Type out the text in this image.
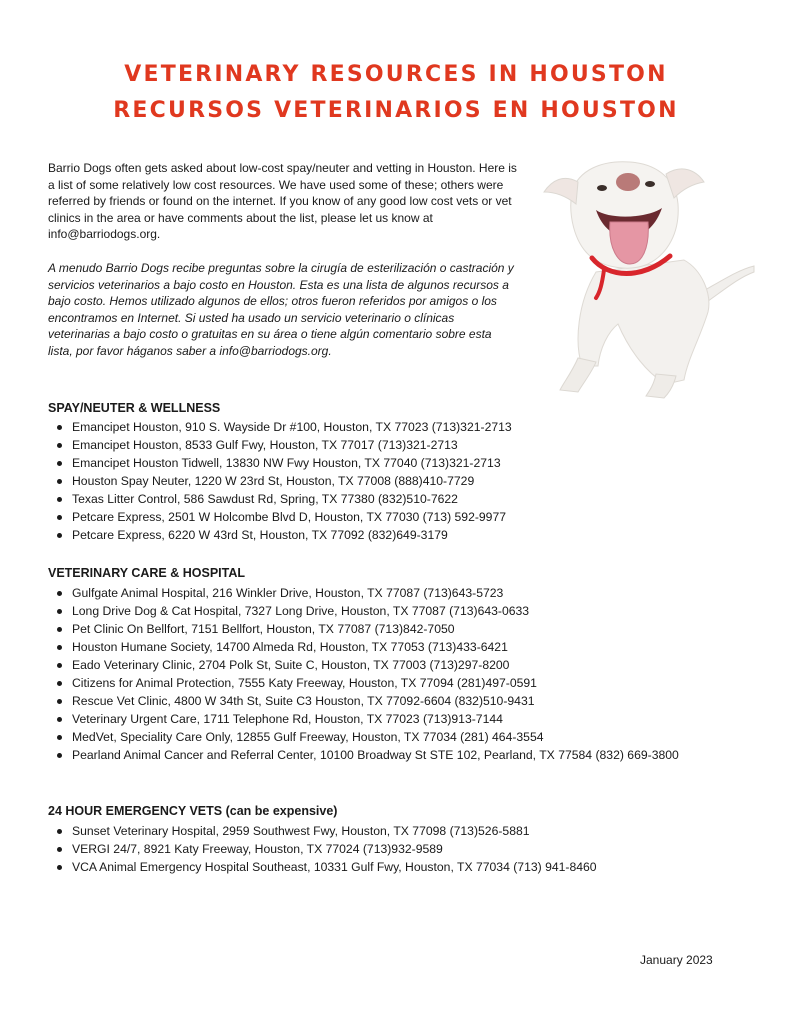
VETERINARY RESOURCES IN HOUSTON
RECURSOS VETERINARIOS EN HOUSTON

Barrio Dogs often gets asked about low-cost spay/neuter and vetting in Houston. Here is a list of some relatively low cost resources. We have used some of these; others were referred by friends or found on the internet. If you know of any good low cost vets or vet clinics in the area or have comments about the list, please let us know at info@barriodogs.org.

A menudo Barrio Dogs recibe preguntas sobre la cirugía de esterilización o castración y servicios veterinarios a bajo costo en Houston. Esta es una lista de algunos recursos a bajo costo. Hemos utilizado algunos de ellos; otros fueron referidos por amigos o los encontramos en Internet. Si usted ha usado un servicio veterinario o clínicas veterinarias a bajo costo o gratuitas en su área o tiene algún comentario sobre esta lista, por favor háganos saber a info@barriodogs.org.

SPAY/NEUTER & WELLNESS
Emancipet Houston, 910 S. Wayside Dr #100, Houston, TX 77023 (713)321-2713
Emancipet Houston, 8533 Gulf Fwy, Houston, TX 77017 (713)321-2713
Emancipet Houston Tidwell, 13830 NW Fwy Houston, TX 77040 (713)321-2713
Houston Spay Neuter, 1220 W 23rd St, Houston, TX 77008 (888)410-7729
Texas Litter Control, 586 Sawdust Rd, Spring, TX 77380 (832)510-7622
Petcare Express, 2501 W Holcombe Blvd D, Houston, TX 77030 (713) 592-9977
Petcare Express, 6220 W 43rd St, Houston, TX 77092 (832)649-3179
VETERINARY CARE & HOSPITAL
Gulfgate Animal Hospital, 216 Winkler Drive, Houston, TX 77087 (713)643-5723
Long Drive Dog & Cat Hospital, 7327 Long Drive, Houston, TX 77087 (713)643-0633
Pet Clinic On Bellfort, 7151 Bellfort, Houston, TX 77087 (713)842-7050
Houston Humane Society, 14700 Almeda Rd, Houston, TX 77053 (713)433-6421
Eado Veterinary Clinic, 2704 Polk St, Suite C, Houston, TX 77003 (713)297-8200
Citizens for Animal Protection, 7555 Katy Freeway, Houston, TX 77094 (281)497-0591
Rescue Vet Clinic, 4800 W 34th St, Suite C3 Houston, TX 77092-6604 (832)510-9431
Veterinary Urgent Care, 1711 Telephone Rd, Houston, TX 77023 (713)913-7144
MedVet, Speciality Care Only, 12855 Gulf Freeway, Houston, TX 77034 (281) 464-3554
Pearland Animal Cancer and Referral Center, 10100 Broadway St STE 102, Pearland, TX 77584 (832) 669-3800
24 HOUR EMERGENCY VETS (can be expensive)
Sunset Veterinary Hospital, 2959 Southwest Fwy, Houston, TX 77098 (713)526-5881
VERGI 24/7, 8921 Katy Freeway, Houston, TX 77024 (713)932-9589
VCA Animal Emergency Hospital Southeast, 10331 Gulf Fwy, Houston, TX 77034 (713) 941-8460
January 2023
